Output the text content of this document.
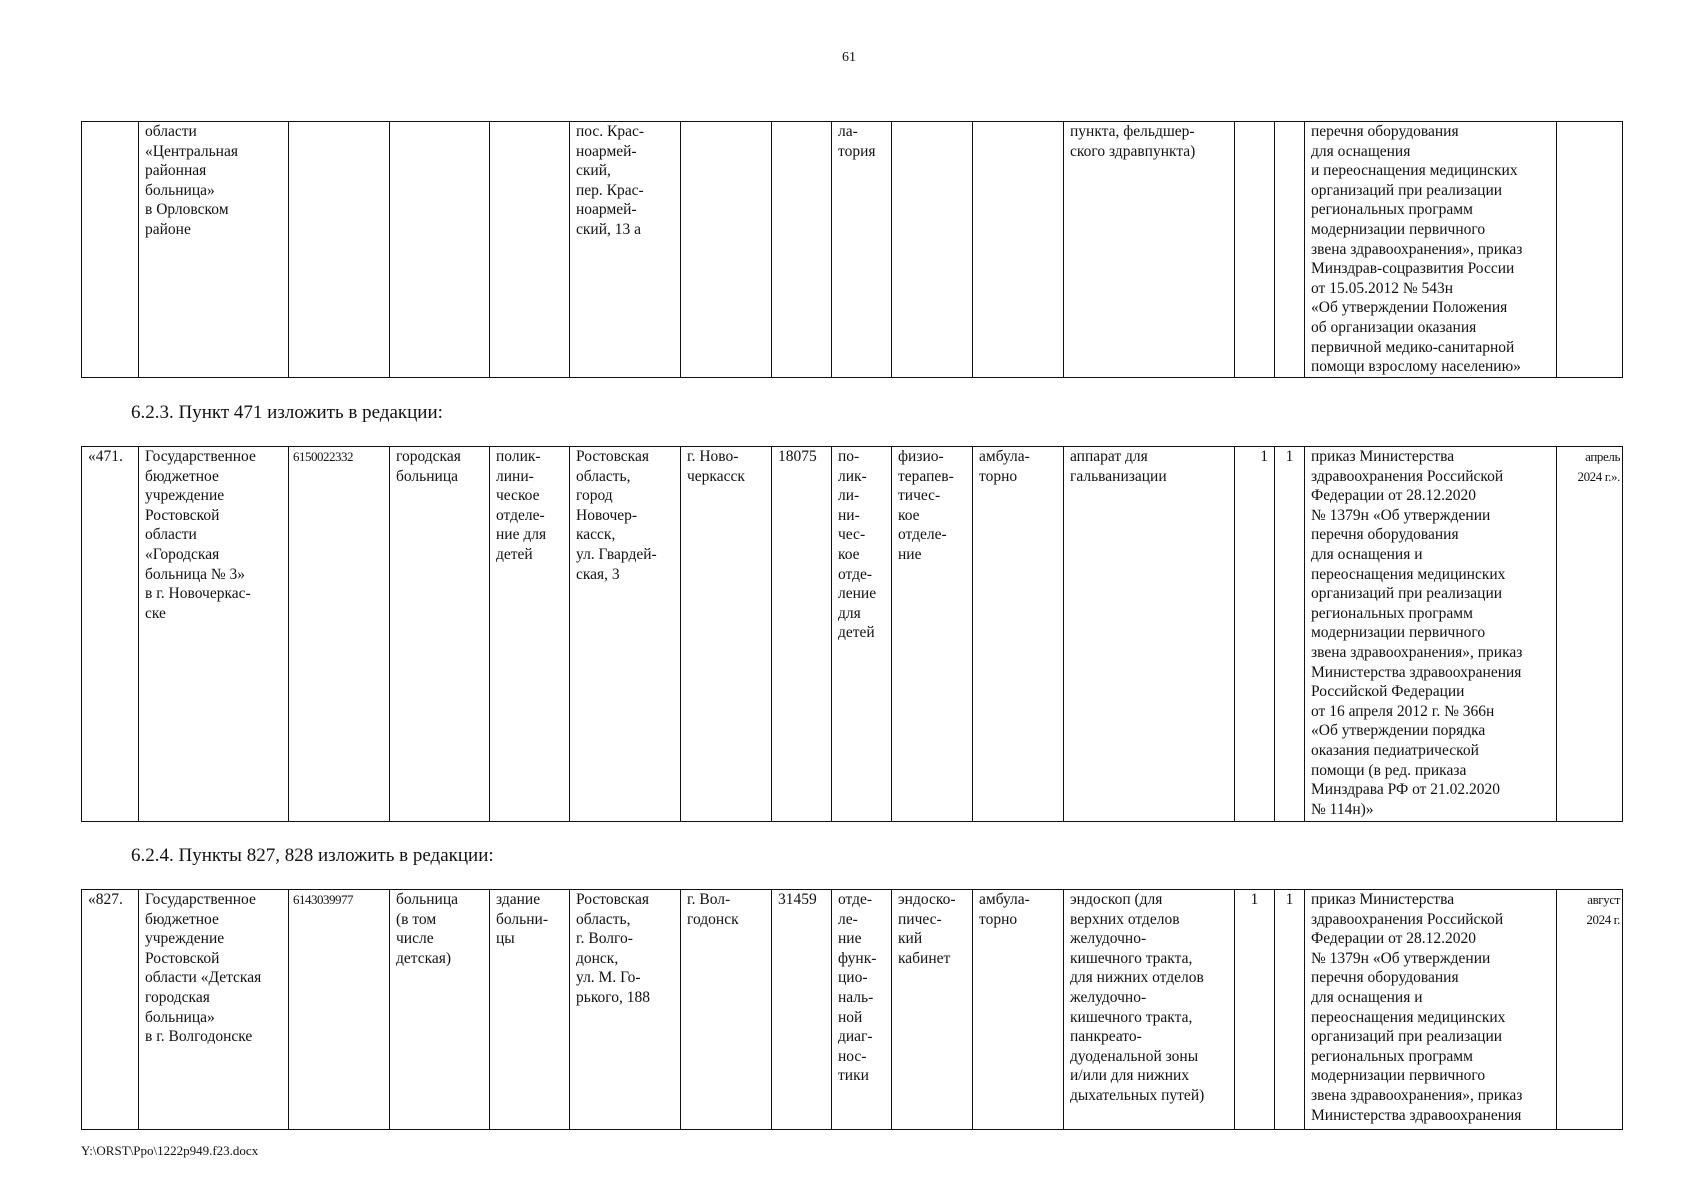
61
	области
«Центральная
районная
больница»
в Орловском
районе				пос. Крас-
ноармей-
ский,
пер. Крас-
ноармей-
ский, 13 а			ла-
тория			пункта, фельдшер-
ского здравпункта)			перечня оборудования
для оснащения
и переоснащения медицинских
организаций при реализации
региональных программ
модернизации первичного
звена здравоохранения», приказ
Минздрав-соцразвития России
от 15.05.2012 № 543н
«Об утверждении Положения
об организации оказания
первичной медико-санитарной
помощи взрослому населению»	
6.2.3. Пункт 471 изложить в редакции:
«471.	Государственное
бюджетное
учреждение
Ростовской
области
«Городская
больница № 3»
в г. Новочеркас-
ске	6150022332	городская
больница	полик-
лини-
ческое
отделе-
ние для
детей	Ростовская
область,
город
Новочер-
касск,
ул. Гвардей-
ская, 3	г. Ново-
черкасск	18075	по-
лик-
ли-
ни-
чес-
кое
отде-
ление
для
детей	физио-
терапев-
тичес-
кое
отделе-
ние	амбула-
торно	аппарат для
гальванизации	1	1	приказ Министерства
здравоохранения Российской
Федерации от 28.12.2020
№ 1379н «Об утверждении
перечня оборудования
для оснащения и
переоснащения медицинских
организаций при реализации
региональных программ
модернизации первичного
звена здравоохранения», приказ
Министерства здравоохранения
Российской Федерации
от 16 апреля 2012 г. № 366н
«Об утверждении порядка
оказания педиатрической
помощи (в ред. приказа
Минздрава РФ от 21.02.2020
№ 114н)»	апрель
2024 г.».
6.2.4. Пункты 827, 828 изложить в редакции:
«827.	Государственное
бюджетное
учреждение
Ростовской
области «Детская
городская
больница»
в г. Волгодонске	6143039977	больница
(в том
числе
детская)	здание
больни-
цы	Ростовская
область,
г. Волго-
донск,
ул. М. Го-
рького, 188	г. Вол-
годонск	31459	отде-
ле-
ние
функ-
цио-
наль-
ной
диаг-
нос-
тики	эндоско-
пичес-
кий
кабинет	амбула-
торно	эндоскоп (для
верхних отделов
желудочно-
кишечного тракта,
для нижних отделов
желудочно-
кишечного тракта,
панкреато-
дуоденальной зоны
и/или для нижних
дыхательных путей)	1	1	приказ Министерства
здравоохранения Российской
Федерации от 28.12.2020
№ 1379н «Об утверждении
перечня оборудования
для оснащения и
переоснащения медицинских
организаций при реализации
региональных программ
модернизации первичного
звена здравоохранения», приказ
Министерства здравоохранения	август
2024 г.
Y:\ORST\Ppo\1222p949.f23.docx
